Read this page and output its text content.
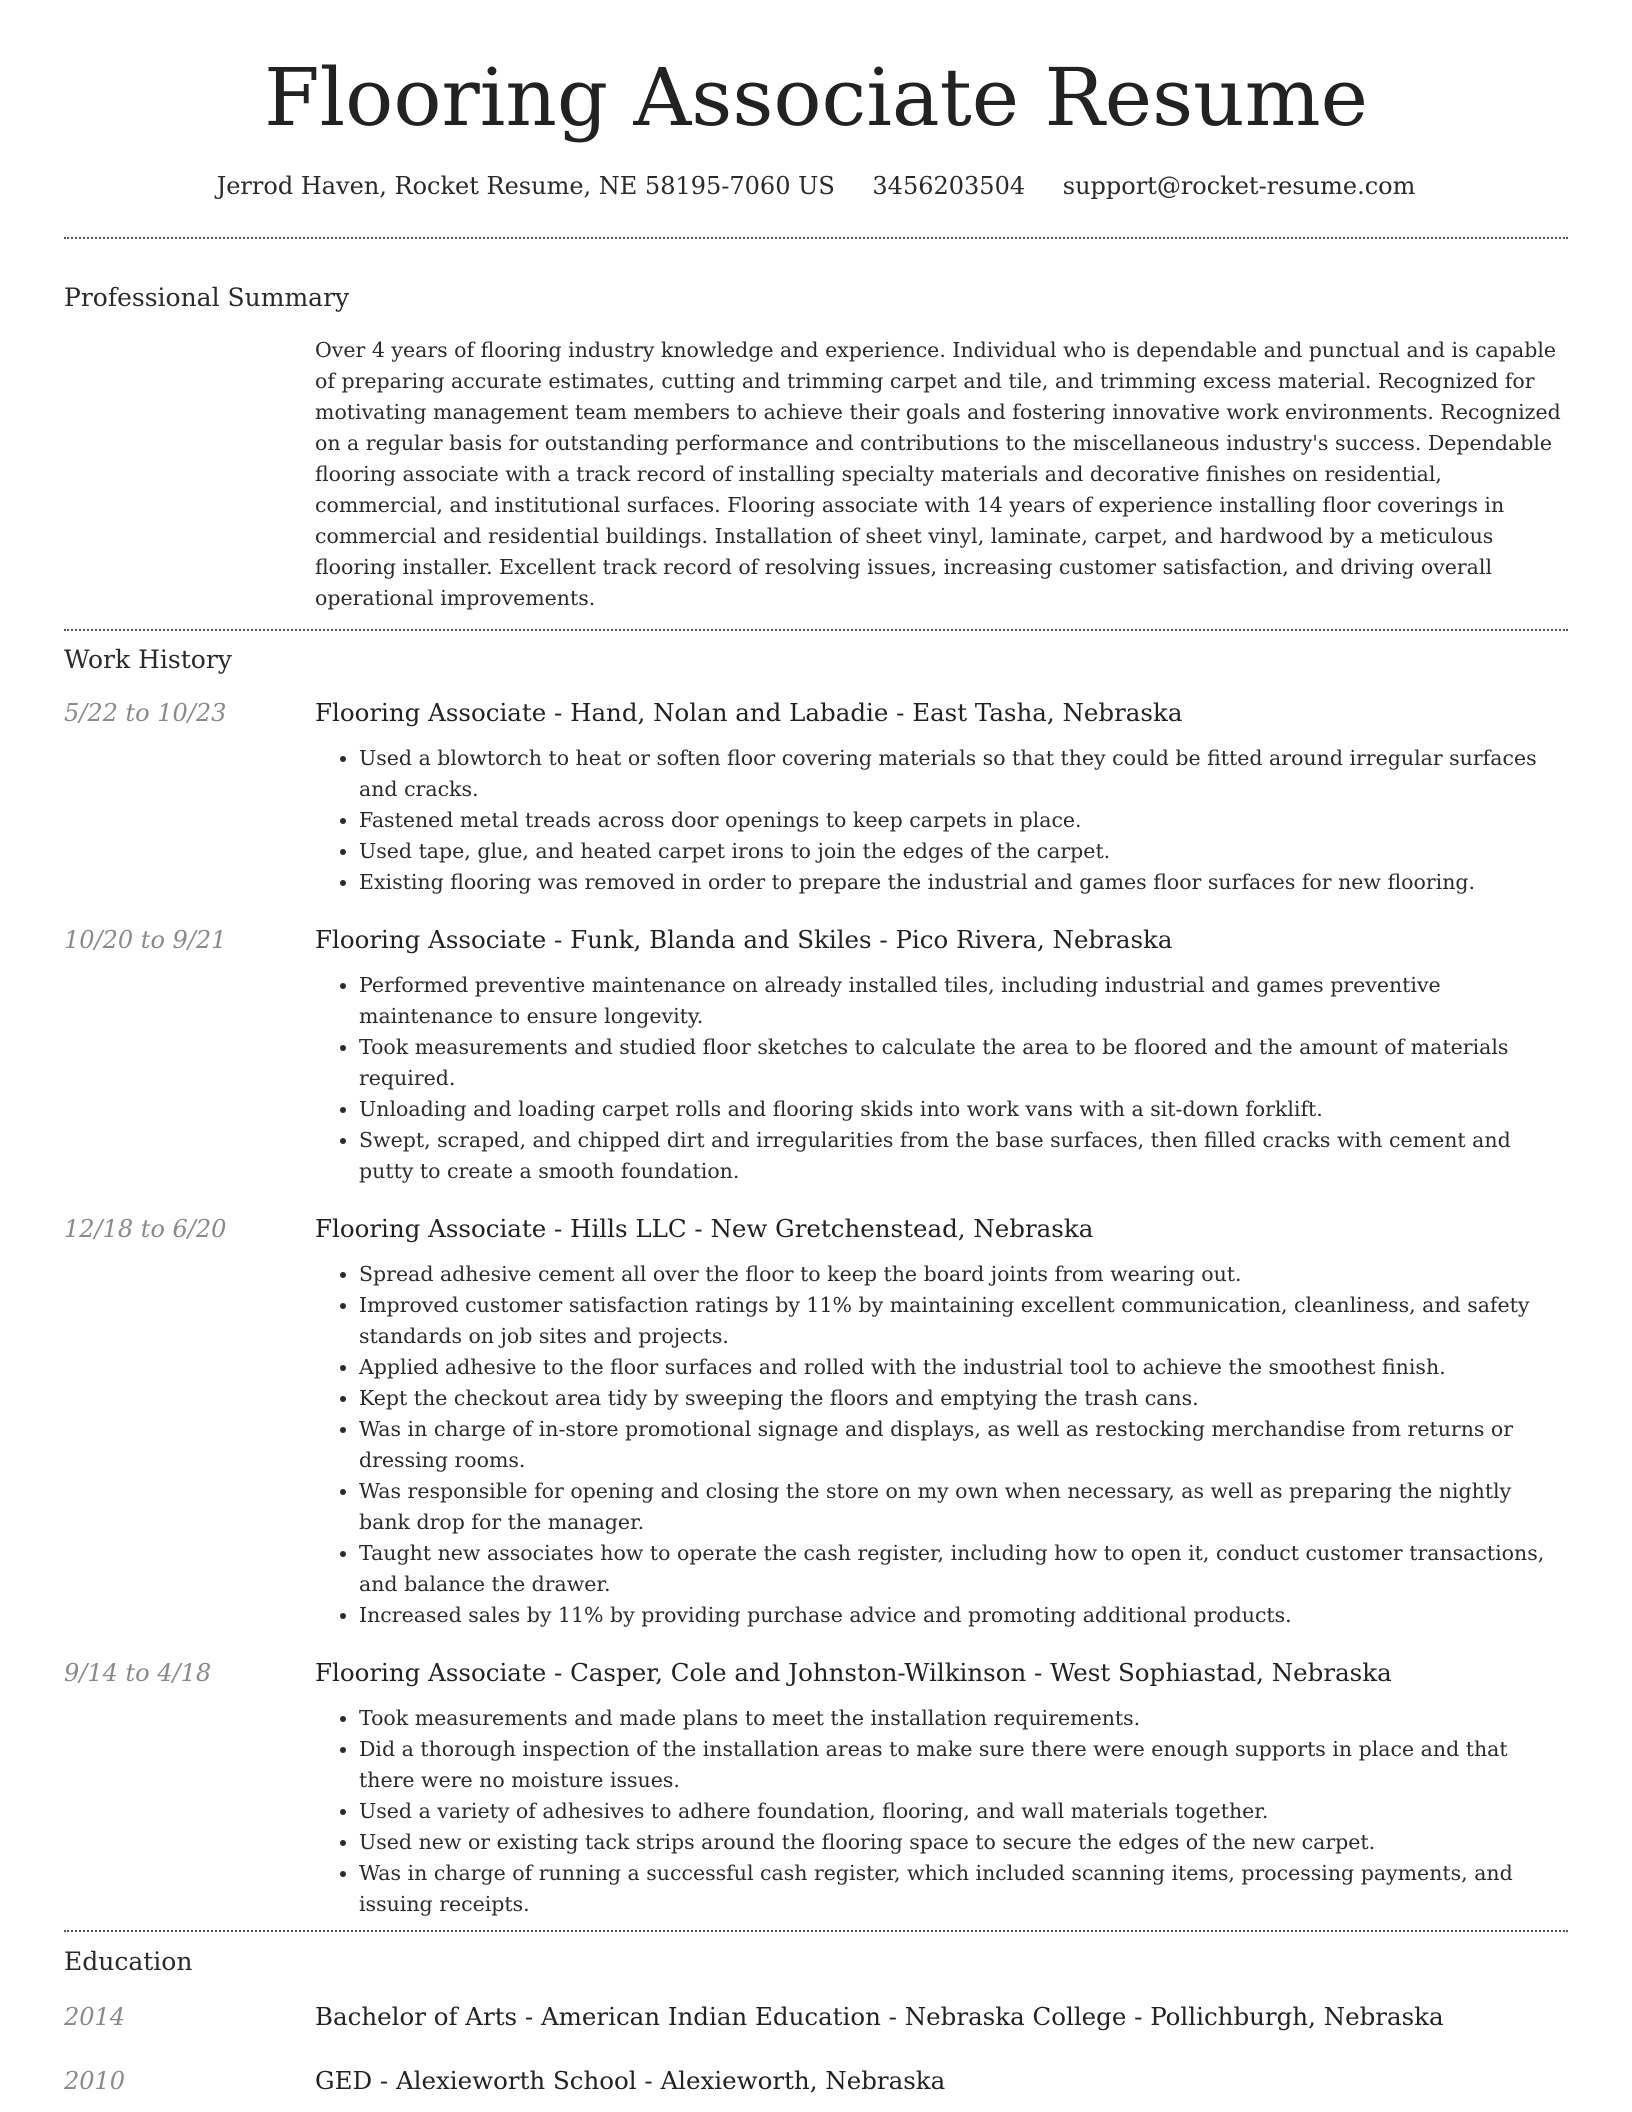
Flooring Associate Resume
Jerrod Haven, Rocket Resume, NE 58195-7060 US 3456203504 support@rocket-resume.com
Professional Summary

Over 4 years of flooring industry knowledge and experience. Individual who is dependable and punctual and is capable of preparing accurate estimates, cutting and trimming carpet and tile, and trimming excess material. Recognized for motivating management team members to achieve their goals and fostering innovative work environments. Recognized on a regular basis for outstanding performance and contributions to the miscellaneous industry's success. Dependable flooring associate with a track record of installing specialty materials and decorative finishes on residential, commercial, and institutional surfaces. Flooring associate with 14 years of experience installing floor coverings in commercial and residential buildings. Installation of sheet vinyl, laminate, carpet, and hardwood by a meticulous flooring installer. Excellent track record of resolving issues, increasing customer satisfaction, and driving overall operational improvements.

Work History
5/22 to 10/23	Flooring Associate - Hand, Nolan and Labadie - East Tasha, Nebraska
• Used a blowtorch to heat or soften floor covering materials so that they could be fitted around irregular surfaces and cracks.
• Fastened metal treads across door openings to keep carpets in place.
• Used tape, glue, and heated carpet irons to join the edges of the carpet.
• Existing flooring was removed in order to prepare the industrial and games floor surfaces for new flooring.
10/20 to 9/21	Flooring Associate - Funk, Blanda and Skiles - Pico Rivera, Nebraska
• Performed preventive maintenance on already installed tiles, including industrial and games preventive maintenance to ensure longevity.
• Took measurements and studied floor sketches to calculate the area to be floored and the amount of materials required.
• Unloading and loading carpet rolls and flooring skids into work vans with a sit-down forklift.
• Swept, scraped, and chipped dirt and irregularities from the base surfaces, then filled cracks with cement and putty to create a smooth foundation.
12/18 to 6/20	Flooring Associate - Hills LLC - New Gretchenstead, Nebraska
• Spread adhesive cement all over the floor to keep the board joints from wearing out.
• Improved customer satisfaction ratings by 11% by maintaining excellent communication, cleanliness, and safety standards on job sites and projects.
• Applied adhesive to the floor surfaces and rolled with the industrial tool to achieve the smoothest finish.
• Kept the checkout area tidy by sweeping the floors and emptying the trash cans.
• Was in charge of in-store promotional signage and displays, as well as restocking merchandise from returns or dressing rooms.
• Was responsible for opening and closing the store on my own when necessary, as well as preparing the nightly bank drop for the manager.
• Taught new associates how to operate the cash register, including how to open it, conduct customer transactions, and balance the drawer.
• Increased sales by 11% by providing purchase advice and promoting additional products.
9/14 to 4/18	Flooring Associate - Casper, Cole and Johnston-Wilkinson - West Sophiastad, Nebraska
• Took measurements and made plans to meet the installation requirements.
• Did a thorough inspection of the installation areas to make sure there were enough supports in place and that there were no moisture issues.
• Used a variety of adhesives to adhere foundation, flooring, and wall materials together.
• Used new or existing tack strips around the flooring space to secure the edges of the new carpet.
• Was in charge of running a successful cash register, which included scanning items, processing payments, and issuing receipts.
Education
2014	Bachelor of Arts - American Indian Education - Nebraska College - Pollichburgh, Nebraska
2010	GED - Alexieworth School - Alexieworth, Nebraska
